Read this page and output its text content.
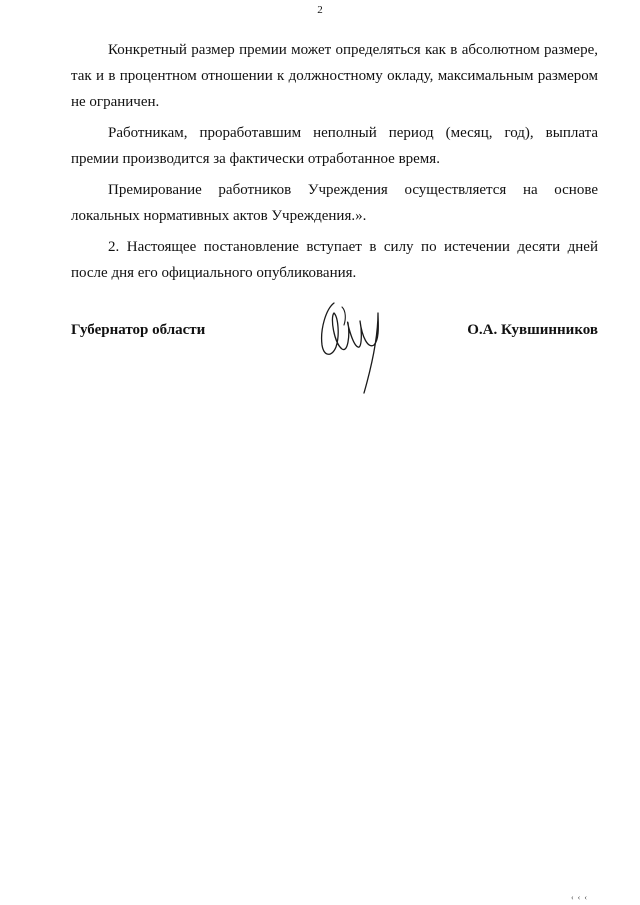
2

Конкретный размер премии может определяться как в абсолютном размере, так и в процентном отношении к должностному окладу, максимальным размером не ограничен.

Работникам, проработавшим неполный период (месяц, год), выплата премии производится за фактически отработанное время.

Премирование работников Учреждения осуществляется на основе локальных нормативных актов Учреждения.».

2. Настоящее постановление вступает в силу по истечении десяти дней после дня его официального опубликования.

Губернатор области	О.А. Кувшинников
‹ ‹ ‹
